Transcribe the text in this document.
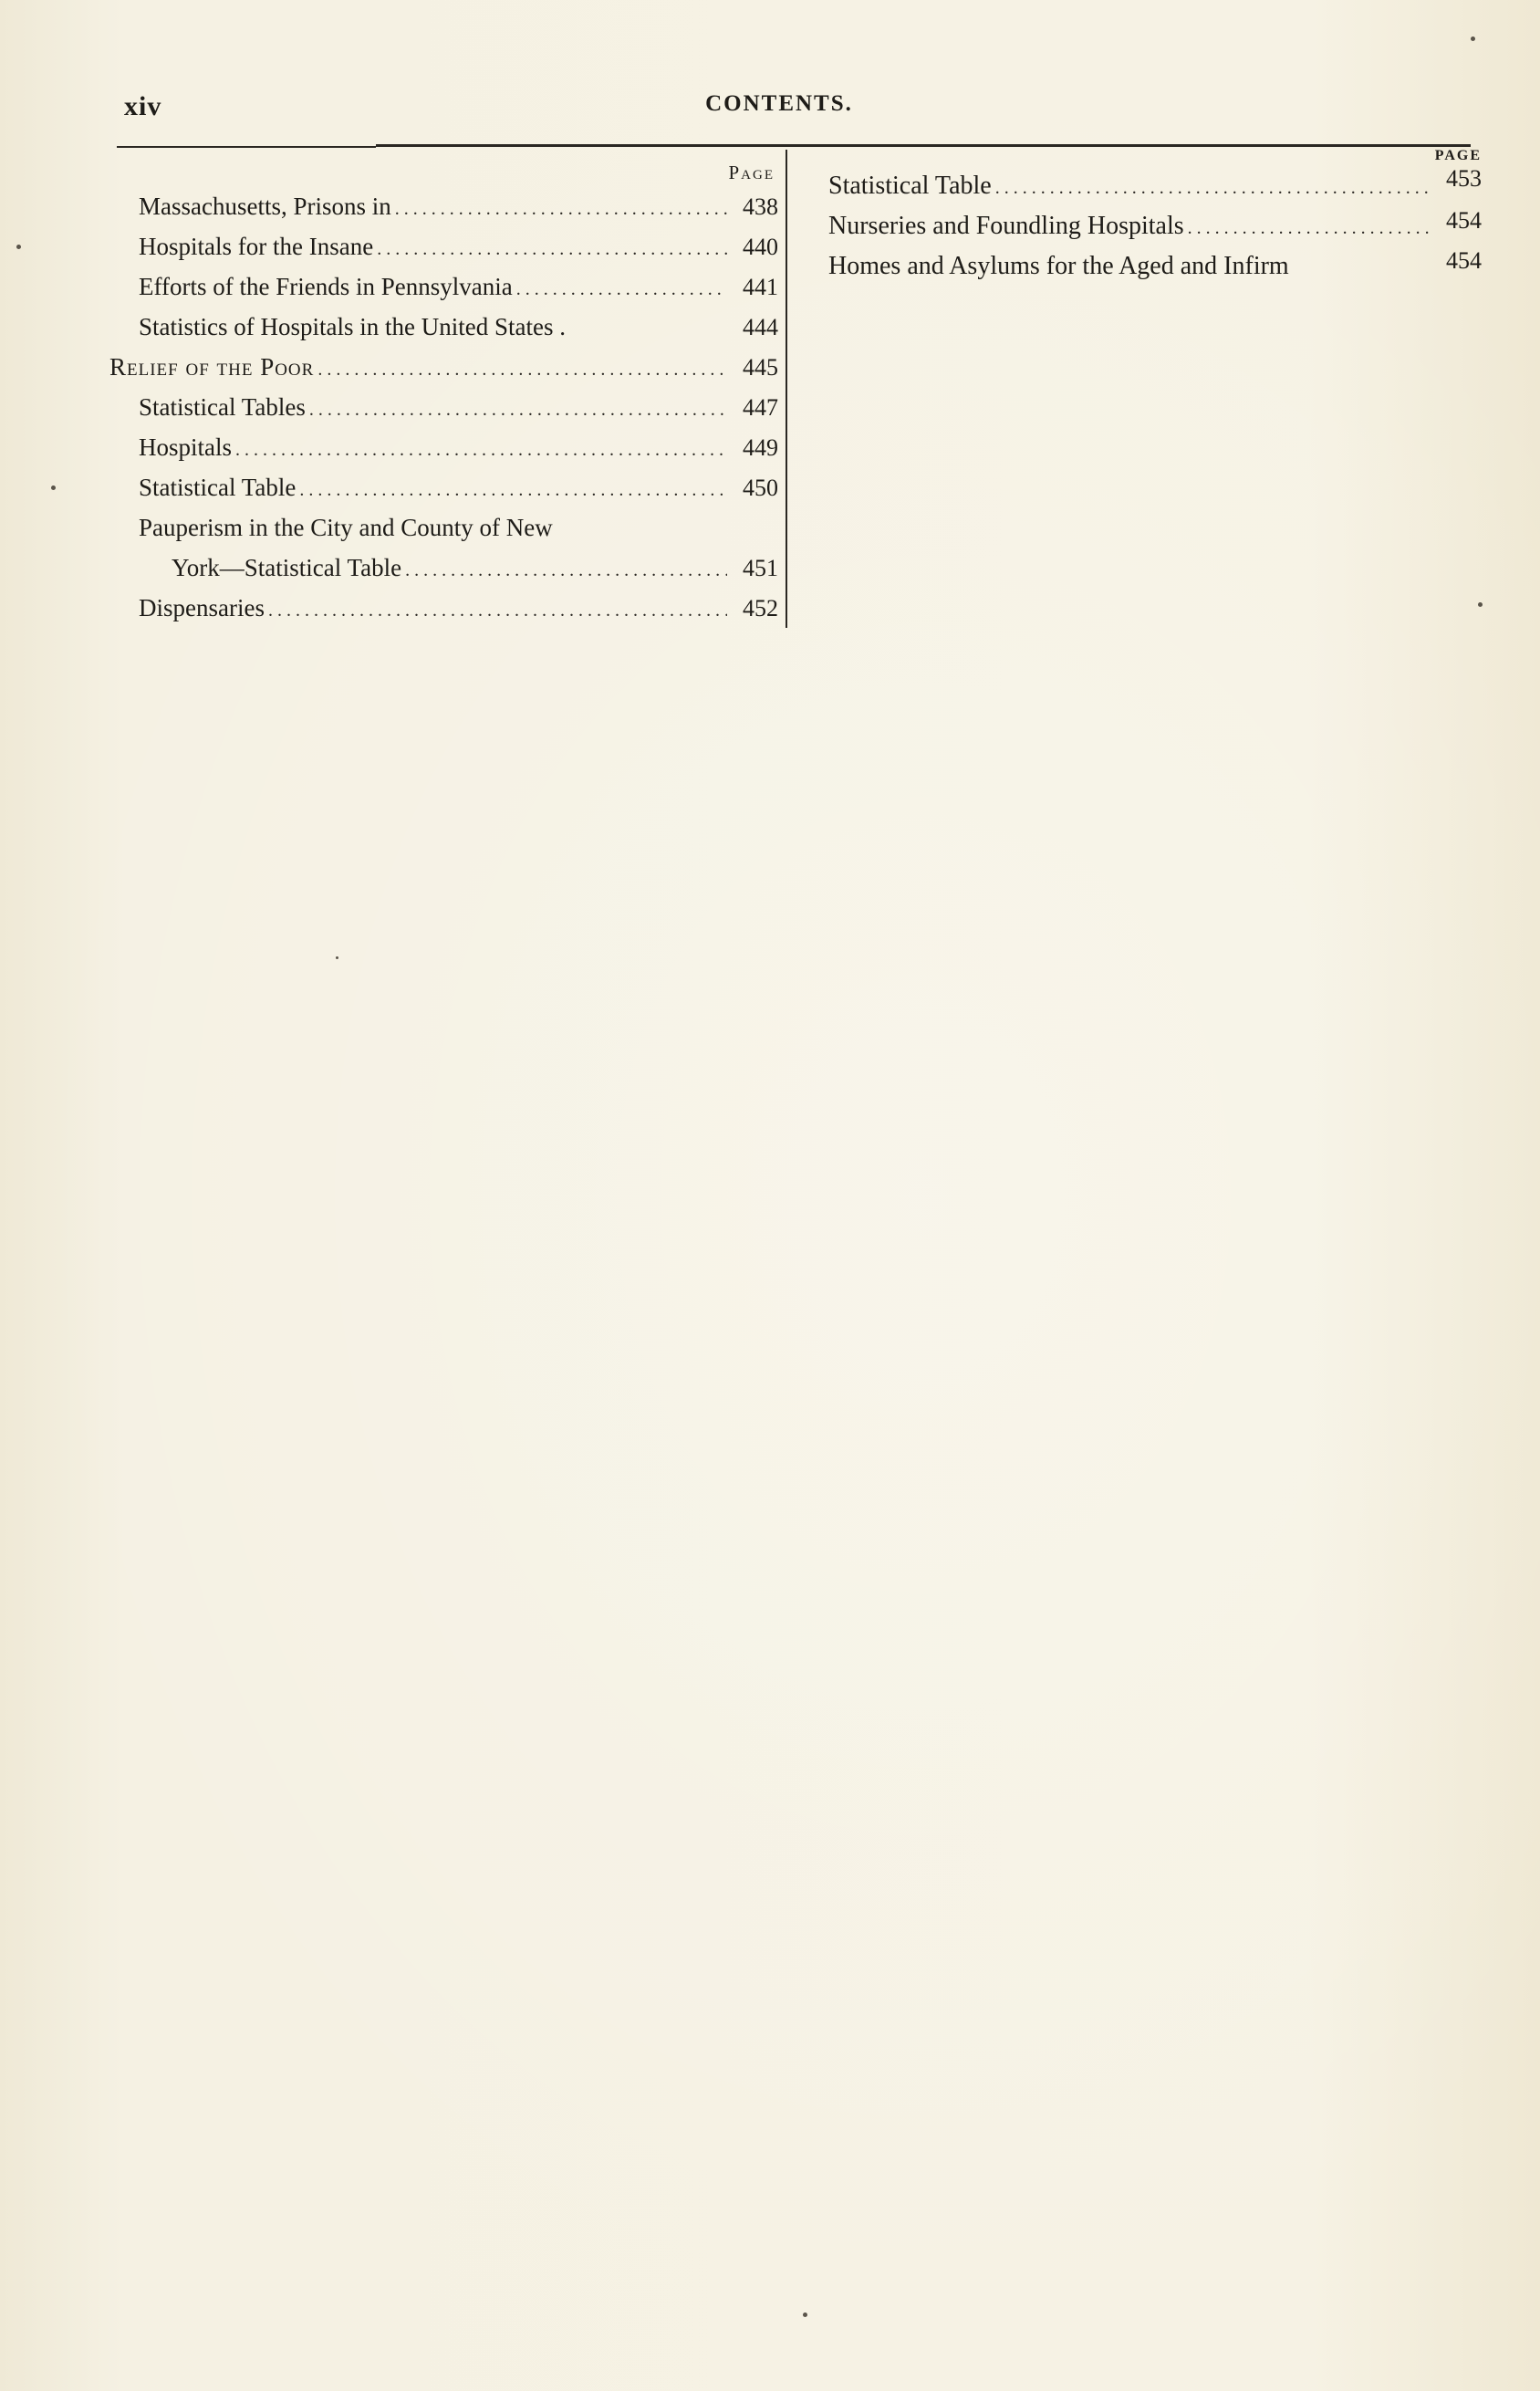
xiv	CONTENTS.
Page
Massachusetts, Prisons in . . .	438
Hospitals for the Insane . . .	440
Efforts of the Friends in Pennsylvania . . .	441
Statistics of Hospitals in the United States .	444
Relief of the Poor . . .	445
Statistical Tables . . .	447
Hospitals . . .	449
Statistical Table . . .	450
Pauperism in the City and County of New
York—Statistical Table . . .	451
Dispensaries . . .	452
PAGE
Statistical Table . . .	453
Nurseries and Foundling Hospitals . . .	454
Homes and Asylums for the Aged and Infirm	454
